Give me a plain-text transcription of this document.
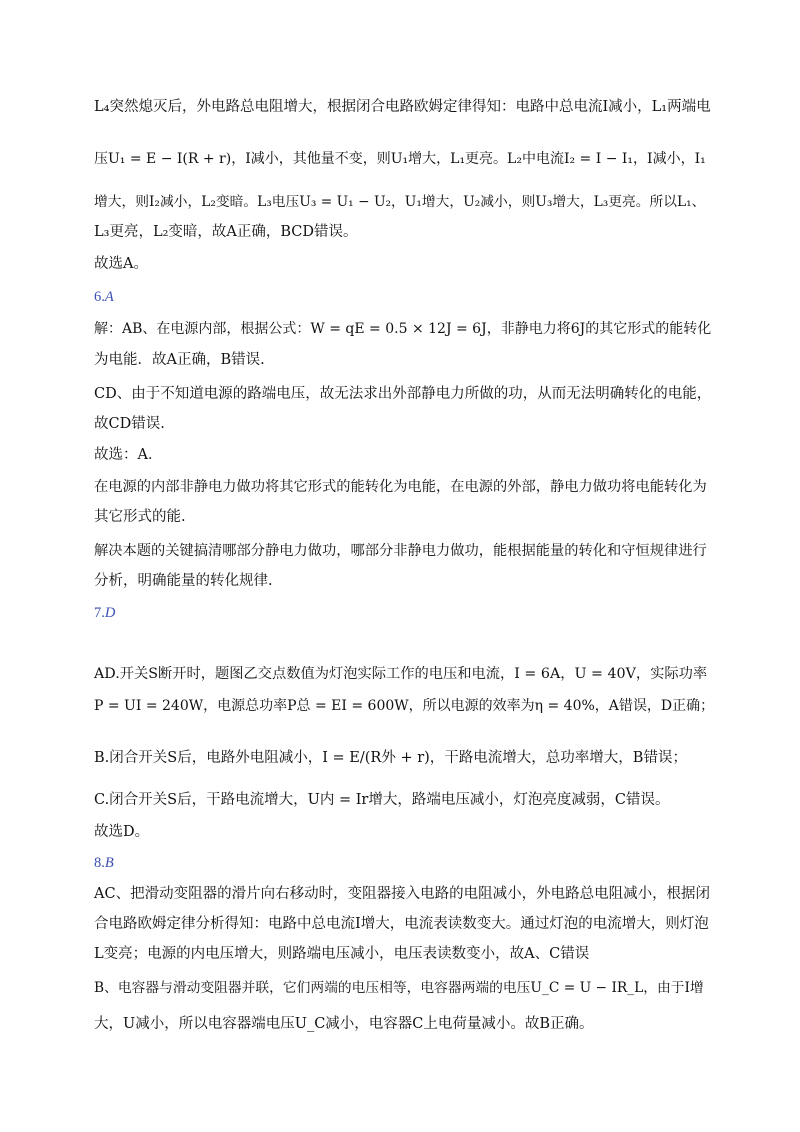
L₄突然熄灭后，外电路总电阻增大，根据闭合电路欧姆定律得知：电路中总电流I减小，L₁两端电
压U₁ = E − I(R + r)，I减小，其他量不变，则U₁增大，L₁更亮。L₂中电流I₂ = I − I₁，I减小，I₁
增大，则I₂减小，L₂变暗。L₃电压U₃ = U₁ − U₂，U₁增大，U₂减小，则U₃增大，L₃更亮。所以L₁、
L₃更亮，L₂变暗，故A正确，BCD错误。
故选A。
6.A
解：AB、在电源内部，根据公式：W = qE = 0.5 × 12J = 6J，非静电力将6J的其它形式的能转化
为电能．故A正确，B错误.
CD、由于不知道电源的路端电压，故无法求出外部静电力所做的功，从而无法明确转化的电能，
故CD错误.
故选：A．
在电源的内部非静电力做功将其它形式的能转化为电能，在电源的外部，静电力做功将电能转化为
其它形式的能.
解决本题的关键搞清哪部分静电力做功，哪部分非静电力做功，能根据能量的转化和守恒规律进行
分析，明确能量的转化规律.
7.D
AD.开关S断开时，题图乙交点数值为灯泡实际工作的电压和电流，I = 6A，U = 40V，实际功率
P = UI = 240W，电源总功率P总 = EI = 600W，所以电源的效率为η = 40%，A错误，D正确；
B.闭合开关S后，电路外电阻减小，I = E/(R外 + r)，干路电流增大，总功率增大，B错误；
C.闭合开关S后，干路电流增大，U内 = Ir增大，路端电压减小，灯泡亮度减弱，C错误。
故选D。
8.B
AC、把滑动变阻器的滑片向右移动时，变阻器接入电路的电阻减小，外电路总电阻减小，根据闭
合电路欧姆定律分析得知：电路中总电流I增大，电流表读数变大。通过灯泡的电流增大，则灯泡
L变亮；电源的内电压增大，则路端电压减小，电压表读数变小，故A、C错误
B、电容器与滑动变阻器并联，它们两端的电压相等，电容器两端的电压U_C = U − IR_L，由于I增
大，U减小，所以电容器端电压U_C减小，电容器C上电荷量减小。故B正确。
